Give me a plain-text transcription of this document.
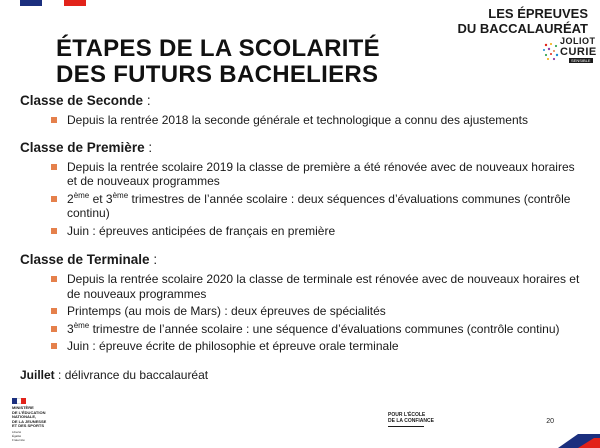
LES ÉPREUVES
DU BACCALAURÉAT
JOLIOT
CURIE
SENSIBLE
ÉTAPES DE LA SCOLARITÉ
DES FUTURS BACHELIERS

Classe de Seconde :

Depuis la rentrée 2018 la seconde générale et technologique a connu des ajustements

Classe de Première :

Depuis la rentrée scolaire 2019 la classe de première a été rénovée avec de nouveaux horaires et de nouveaux programmes
2ème et 3ème trimestres de l’année scolaire : deux séquences d’évaluations communes (contrôle continu)
Juin : épreuves anticipées de français en première

Classe de Terminale :

Depuis la rentrée scolaire 2020 la classe de terminale est rénovée avec de nouveaux horaires et de nouveaux programmes
Printemps (au mois de Mars) : deux épreuves de spécialités
3ème trimestre de l’année scolaire : une séquence d’évaluations communes (contrôle continu)
Juin : épreuve écrite de philosophie et épreuve orale terminale

Juillet : délivrance du baccalauréat

MINISTÈRE
DE L’ÉDUCATION
NATIONALE,
DE LA JEUNESSE
ET DES SPORTS
Liberté
Égalité
Fraternité
POUR L’ÉCOLE
DE LA CONFIANCE	20
